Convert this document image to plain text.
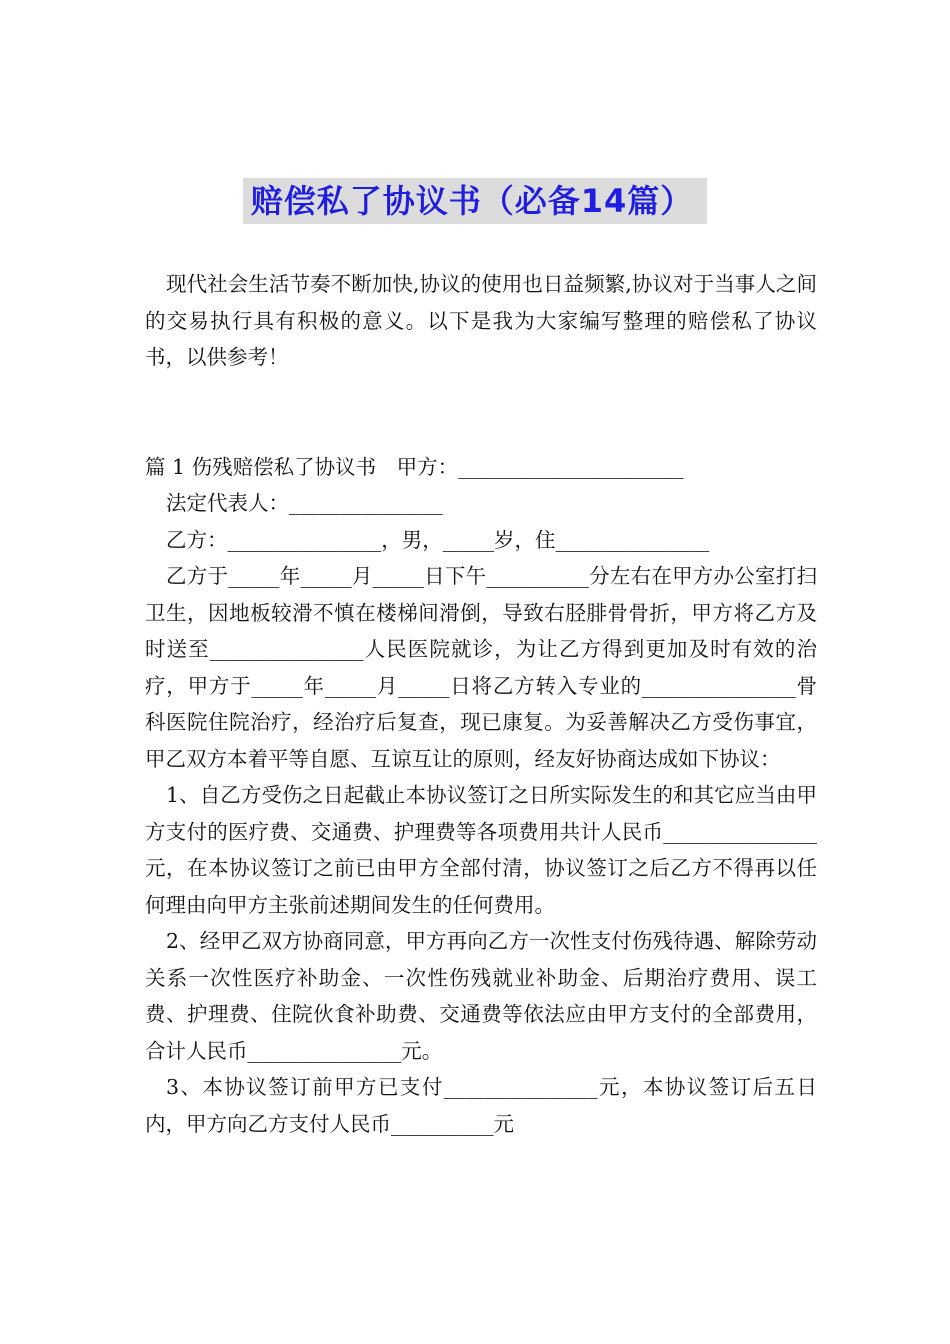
赔偿私了协议书（必备14篇）

现代社会生活节奏不断加快,协议的使用也日益频繁,协议对于当事人之间的交易执行具有积极的意义。以下是我为大家编写整理的赔偿私了协议书，以供参考！

篇 1 伤残赔偿私了协议书　甲方：______________________

法定代表人：_______________

乙方：_______________，男，_____岁，住_______________

乙方于_____年_____月_____日下午__________分左右在甲方办公室打扫卫生，因地板较滑不慎在楼梯间滑倒，导致右胫腓骨骨折，甲方将乙方及时送至_______________人民医院就诊，为让乙方得到更加及时有效的治疗，甲方于_____年_____月_____日将乙方转入专业的_______________骨科医院住院治疗，经治疗后复查，现已康复。为妥善解决乙方受伤事宜，甲乙双方本着平等自愿、互谅互让的原则，经友好协商达成如下协议：

1、自乙方受伤之日起截止本协议签订之日所实际发生的和其它应当由甲方支付的医疗费、交通费、护理费等各项费用共计人民币_______________元，在本协议签订之前已由甲方全部付清，协议签订之后乙方不得再以任何理由向甲方主张前述期间发生的任何费用。

2、经甲乙双方协商同意，甲方再向乙方一次性支付伤残待遇、解除劳动关系一次性医疗补助金、一次性伤残就业补助金、后期治疗费用、误工费、护理费、住院伙食补助费、交通费等依法应由甲方支付的全部费用，合计人民币_______________元。

3、本协议签订前甲方已支付_______________元，本协议签订后五日内，甲方向乙方支付人民币__________元
